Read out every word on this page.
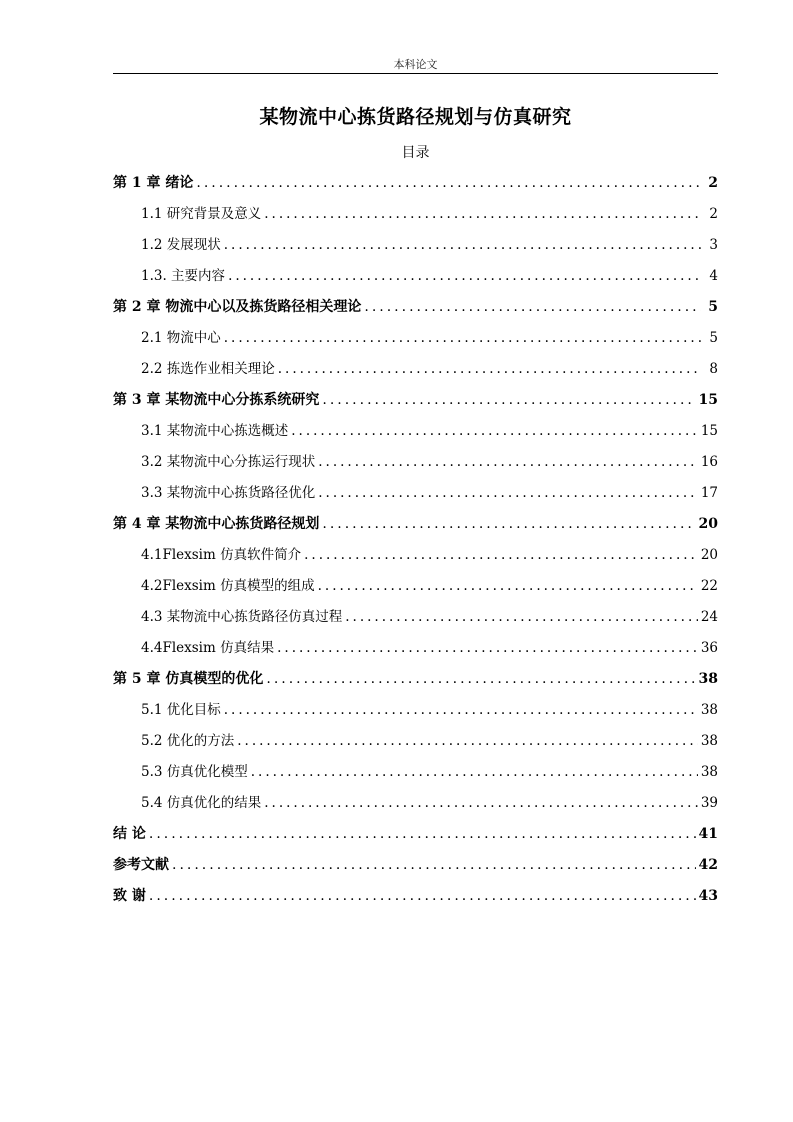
本科论文
某物流中心拣货路径规划与仿真研究
目录
第 1 章 绪论 .....	2
1.1 研究背景及意义 .....	2
1.2 发展现状 .....	3
1.3. 主要内容 .....	4
第 2 章 物流中心以及拣货路径相关理论 .....	5
2.1 物流中心 .....	5
2.2 拣选作业相关理论 .....	8
第 3 章 某物流中心分拣系统研究 .....	15
3.1 某物流中心拣选概述 .....	15
3.2 某物流中心分拣运行现状 .....	16
3.3 某物流中心拣货路径优化 .....	17
第 4 章 某物流中心拣货路径规划 .....	20
4.1Flexsim 仿真软件简介 .....	20
4.2Flexsim 仿真模型的组成 .....	22
4.3 某物流中心拣货路径仿真过程 .....	24
4.4Flexsim 仿真结果 .....	36
第 5 章 仿真模型的优化 .....	38
5.1 优化目标 .....	38
5.2 优化的方法 .....	38
5.3 仿真优化模型 .....	38
5.4 仿真优化的结果 .....	39
结 论 .....	41
参考文献 .....	42
致 谢 .....	43
